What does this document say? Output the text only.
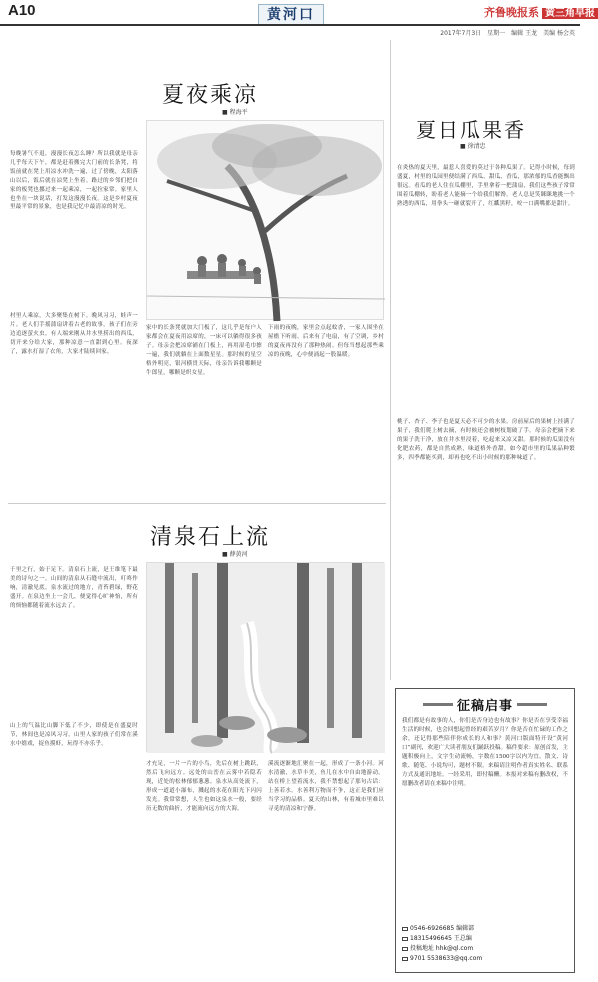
A10	黄河口	齐鲁晚报系 黄三角早报
2017年7月3日　星期一　编辑 王龙　美编 杨会英
夏夜乘凉
■ 程海平
每晚暑气不退，漫漫长夜怎么睡？所以我就是母亲几乎每天下午，都是赶着搬完大门前的长条凳，将饭前就在凳上用凉水冲洗一遍，过了傍晚，太阳落山以后，饭后就在凉凳上坐着。路过的乡邻们把自家的板凳也挪过来一起乘凉，一起拉家常。家里人也坐在一块说话，打发这漫漫长夜。这是乡村夏夜里最平常的景象，也是我记忆中最清凉的时光。
村里人乘凉，大多聚集在树下。晚风习习，蛙声一片。老人们手摇蒲扇讲着古老的故事，孩子们在旁边追逐萤火虫。有人端来刚从井水里捞出的西瓜，切开来分给大家，那种凉意一直甜到心里。夜深了，露水打湿了衣角，大家才陆续回家。
家中的长条凳就加大门板了，这几乎是每户人家都会在夏夜用凉席的，一床可以躺得很多孩子。母亲会把凉席铺在门板上，再用湿毛巾擦一遍，我们就躺在上面数星星。那时候的星空格外明亮，银河横贯天际，母亲告诉我哪颗是牛郎星，哪颗是织女星。
下雨的夜晚，家里会点起蚊香，一家人围坐在屋檐下听雨。后来有了电扇，有了空调，乡村的夏夜再没有了那种热闹。但每当想起那些乘凉的夜晚，心中便涌起一股温暖。
夏日瓜果香
■ 徐清忠
在炎热的夏天里，最惹人喜爱的莫过于各种瓜果了。记得小时候，每到盛夏，村里的瓜园里便结满了西瓜、甜瓜、香瓜，那浓郁的瓜香能飘出很远。看瓜的老人住在瓜棚里，手里拿着一把蒲扇，我们这些孩子常常围着瓜棚转，盼着老人能摘一个给我们解馋。老人总是笑眯眯地挑一个熟透的西瓜，用拳头一砸就裂开了，红瓤黑籽，咬一口满嘴都是甜汁。
桃子、杏子、李子也是夏天必不可少的水果。房前屋后的果树上挂满了果子，我们爬上树去摘，有时候还会被树枝划破了手。母亲会把摘下来的果子洗干净，放在井水里浸着，吃起来又凉又甜。那时候的瓜果没有化肥农药，都是自然成熟，味道格外香甜。如今超市里的瓜果品种繁多，四季都能买到，却再也吃不出小时候的那种味道了。
清泉石上流
■ 薛黄河
千里之行，始于足下。清泉石上流，是王维笔下最美的诗句之一。山间的清泉从石缝中流出，叮咚作响，清澈见底。泉水流过的地方，青苔碧绿，野花盛开。在泉边坐上一会儿，便觉得心旷神怡，所有的烦恼都随着流水远去了。
山上的气温比山脚下低了不少，即使是在盛夏时节，林间也是凉风习习。山里人家的孩子们常在溪水中嬉戏，捉鱼摸虾，玩得不亦乐乎。
才充足，一片一片的小鸟，先后在树上跳跃，然后飞向远方。远处的山峦在云雾中若隐若现，近处的松林郁郁葱葱。泉水从高处流下，形成一道道小瀑布，溅起的水花在阳光下闪闪发光。我常常想，人生也如这泉水一般，要经历无数的曲折，才能流向远方的大海。
溪流逐渐地汇聚在一起，形成了一条小河。河水清澈，水草丰美，鱼儿在水中自由地游动。站在桥上望着流水，我不禁想起了那句古话：上善若水。水善利万物而不争，这正是我们应当学习的品格。夏天的山林，有着城市里难以寻觅的清凉和宁静。
征稿启事
我们都是有故事的人，你们是否身边也有故事？你是否在享受幸福生活的时候，也会回想起曾经的艰苦岁月？你是否在忙碌的工作之余，还记得那些陪伴你成长的人和事？黄河口版面特开设“黄河口”副刊，欢迎广大读者朋友们踊跃投稿。稿件要求：原创首发，主题积极向上，文字生动流畅，字数在1500字以内为宜。散文、诗歌、随笔、小说均可，题材不限。来稿请注明作者真实姓名、联系方式及通讯地址。一经采用，即付稿酬。本报对来稿有删改权，不愿删改者请在来稿中注明。
0546-6926685 编辑部
18315496645 王总编
投稿地址 hhk@ql.com
9701 5538633@qq.com
